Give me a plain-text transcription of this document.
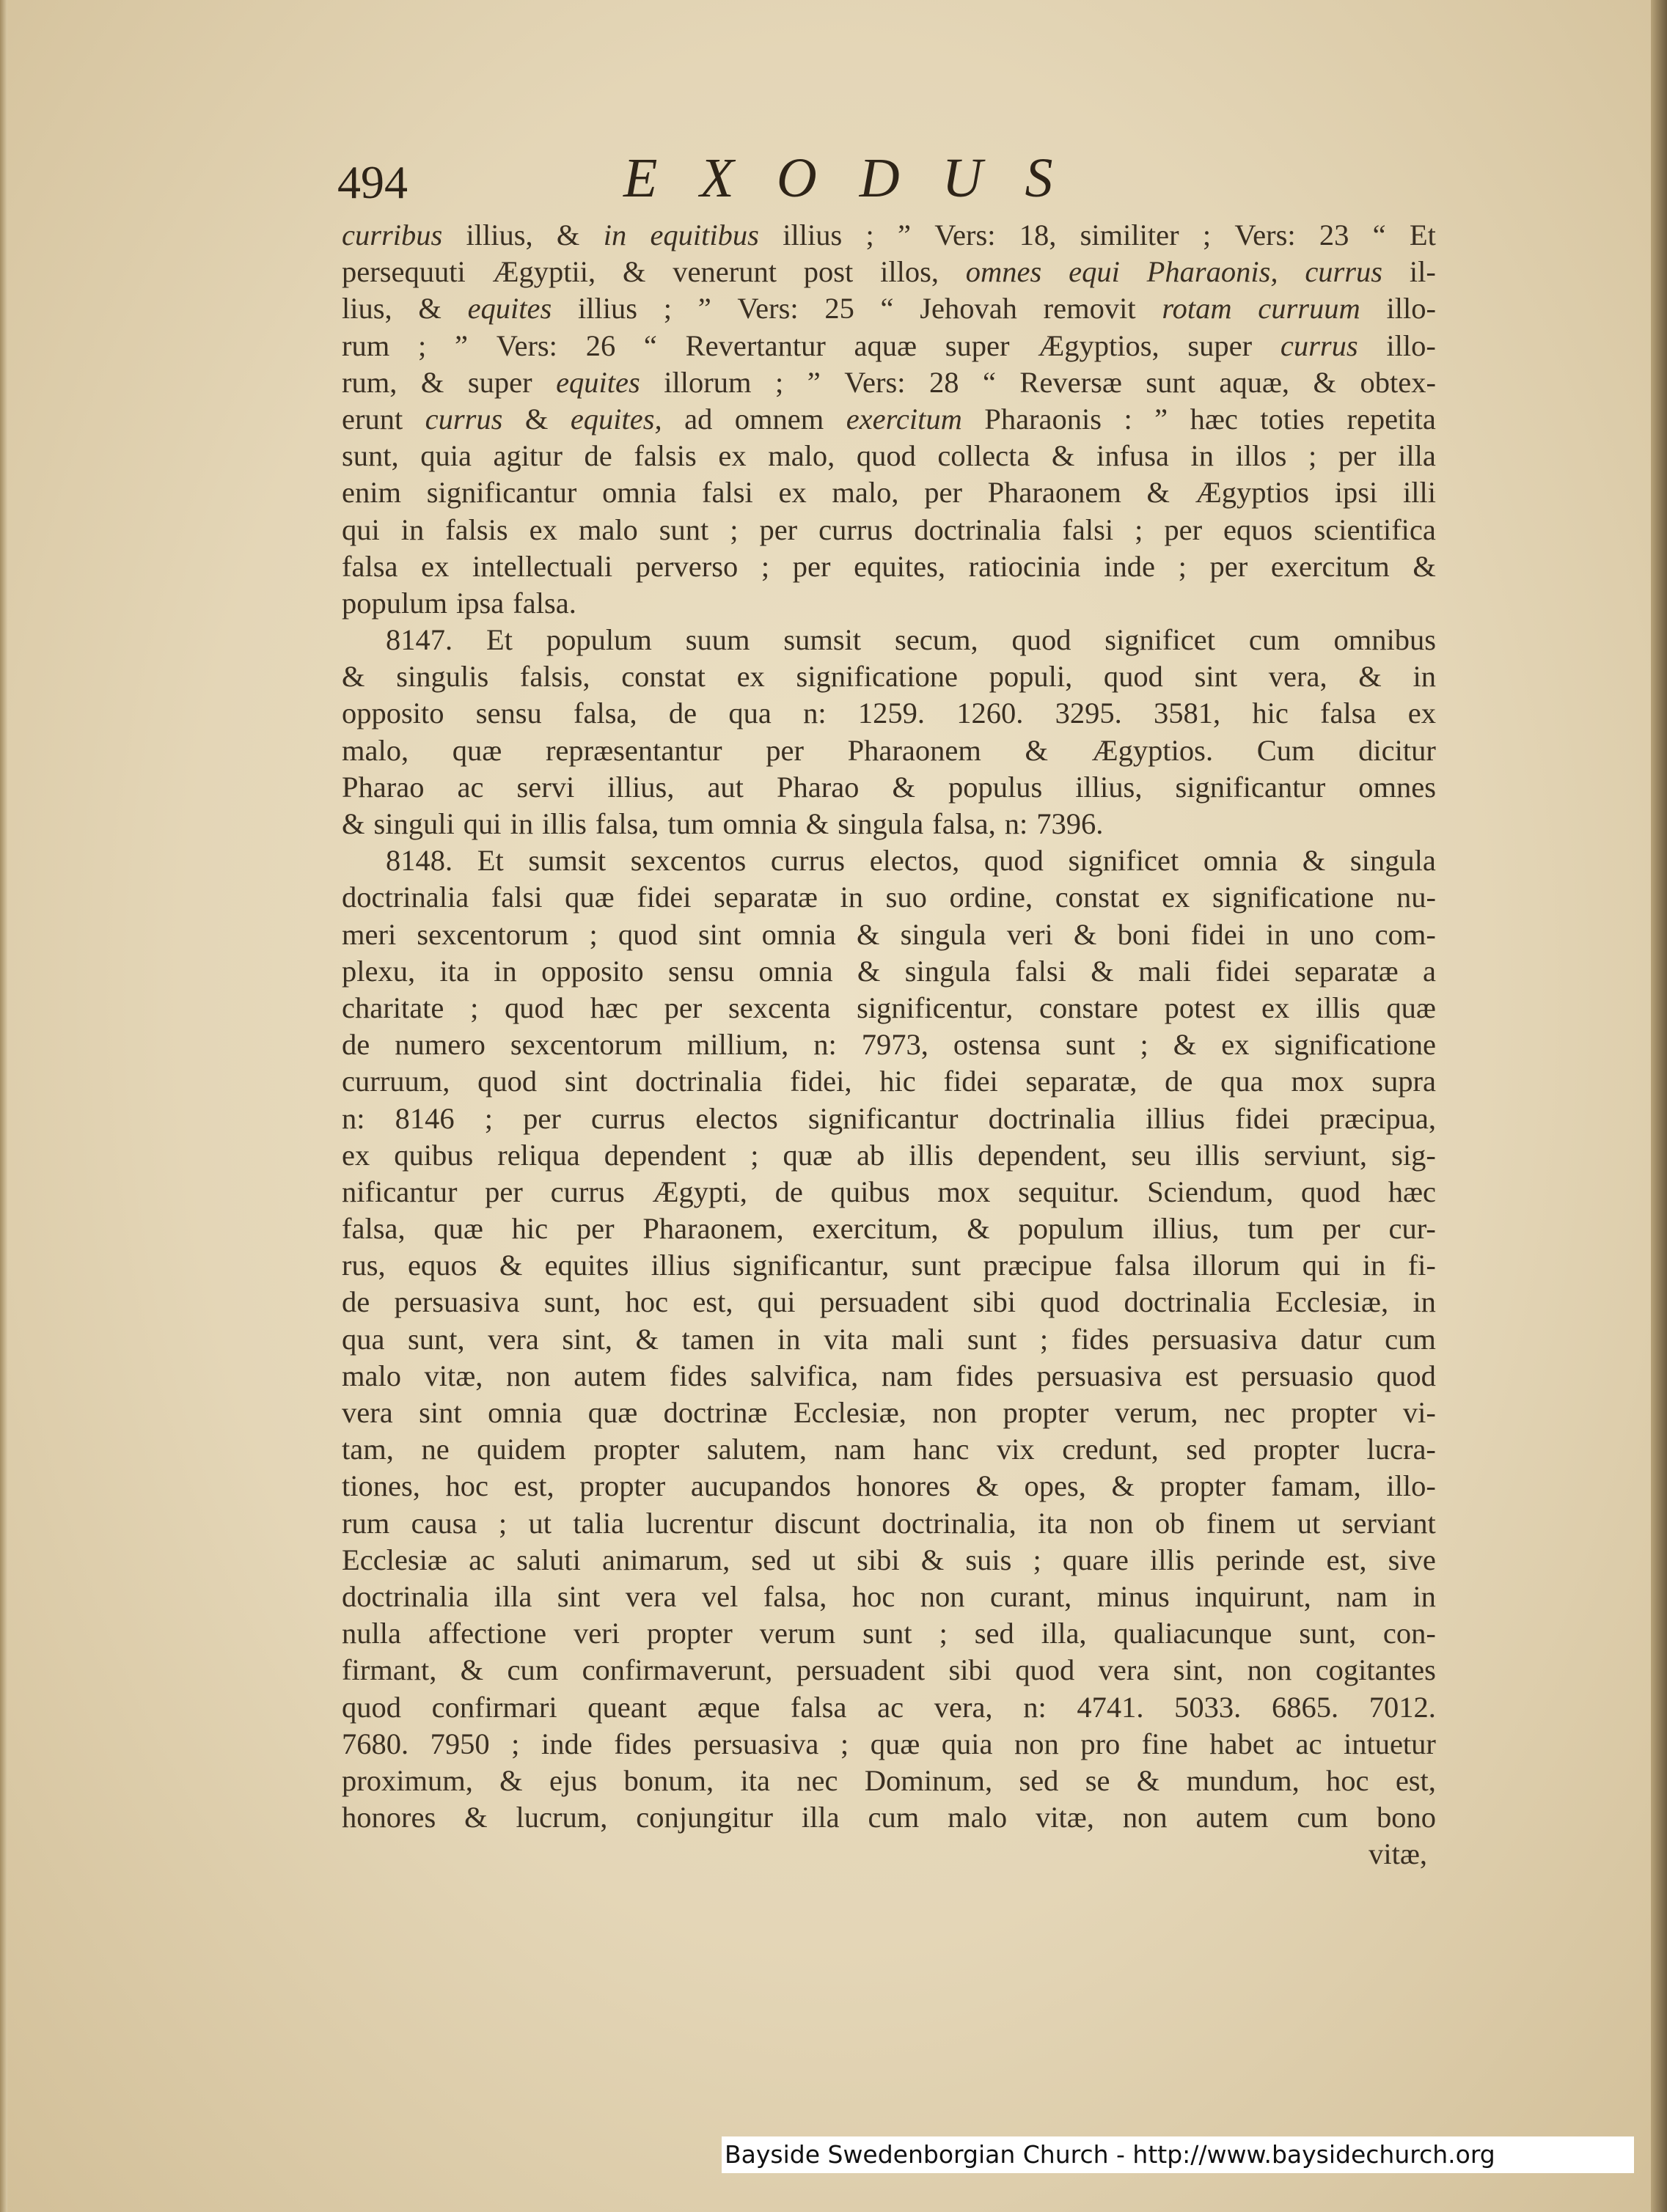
494	EXODUS
curribus illius, & in equitibus illius ; ” Vers: 18, similiter ; Vers: 23 “ Et
persequuti Ægyptii, & venerunt post illos, omnes equi Pharaonis, currus il-
lius, & equites illius ; ” Vers: 25 “ Jehovah removit rotam curruum illo-
rum ; ” Vers: 26 “ Revertantur aquæ super Ægyptios, super currus illo-
rum, & super equites illorum ; ” Vers: 28 “ Reversæ sunt aquæ, & obtex-
erunt currus & equites, ad omnem exercitum Pharaonis : ” hæc toties repetita
sunt, quia agitur de falsis ex malo, quod collecta & infusa in illos ; per illa
enim significantur omnia falsi ex malo, per Pharaonem & Ægyptios ipsi illi
qui in falsis ex malo sunt ; per currus doctrinalia falsi ; per equos scientifica
falsa ex intellectuali perverso ; per equites, ratiocinia inde ; per exercitum &
populum ipsa falsa.
8147. Et populum suum sumsit secum, quod significet cum omnibus
& singulis falsis, constat ex significatione populi, quod sint vera, & in
opposito sensu falsa, de qua n: 1259. 1260. 3295. 3581, hic falsa ex
malo, quæ repræsentantur per Pharaonem & Ægyptios. Cum dicitur
Pharao ac servi illius, aut Pharao & populus illius, significantur omnes
& singuli qui in illis falsa, tum omnia & singula falsa, n: 7396.
8148. Et sumsit sexcentos currus electos, quod significet omnia & singula
doctrinalia falsi quæ fidei separatæ in suo ordine, constat ex significatione nu-
meri sexcentorum ; quod sint omnia & singula veri & boni fidei in uno com-
plexu, ita in opposito sensu omnia & singula falsi & mali fidei separatæ a
charitate ; quod hæc per sexcenta significentur, constare potest ex illis quæ
de numero sexcentorum millium, n: 7973, ostensa sunt ; & ex significatione
curruum, quod sint doctrinalia fidei, hic fidei separatæ, de qua mox supra
n: 8146 ; per currus electos significantur doctrinalia illius fidei præcipua,
ex quibus reliqua dependent ; quæ ab illis dependent, seu illis serviunt, sig-
nificantur per currus Ægypti, de quibus mox sequitur. Sciendum, quod hæc
falsa, quæ hic per Pharaonem, exercitum, & populum illius, tum per cur-
rus, equos & equites illius significantur, sunt præcipue falsa illorum qui in fi-
de persuasiva sunt, hoc est, qui persuadent sibi quod doctrinalia Ecclesiæ, in
qua sunt, vera sint, & tamen in vita mali sunt ; fides persuasiva datur cum
malo vitæ, non autem fides salvifica, nam fides persuasiva est persuasio quod
vera sint omnia quæ doctrinæ Ecclesiæ, non propter verum, nec propter vi-
tam, ne quidem propter salutem, nam hanc vix credunt, sed propter lucra-
tiones, hoc est, propter aucupandos honores & opes, & propter famam, illo-
rum causa ; ut talia lucrentur discunt doctrinalia, ita non ob finem ut serviant
Ecclesiæ ac saluti animarum, sed ut sibi & suis ; quare illis perinde est, sive
doctrinalia illa sint vera vel falsa, hoc non curant, minus inquirunt, nam in
nulla affectione veri propter verum sunt ; sed illa, qualiacunque sunt, con-
firmant, & cum confirmaverunt, persuadent sibi quod vera sint, non cogitantes
quod confirmari queant æque falsa ac vera, n: 4741. 5033. 6865. 7012.
7680. 7950 ; inde fides persuasiva ; quæ quia non pro fine habet ac intuetur
proximum, & ejus bonum, ita nec Dominum, sed se & mundum, hoc est,
honores & lucrum, conjungitur illa cum malo vitæ, non autem cum bono
vitæ,
Bayside Swedenborgian Church - http://www.baysidechurch.org
